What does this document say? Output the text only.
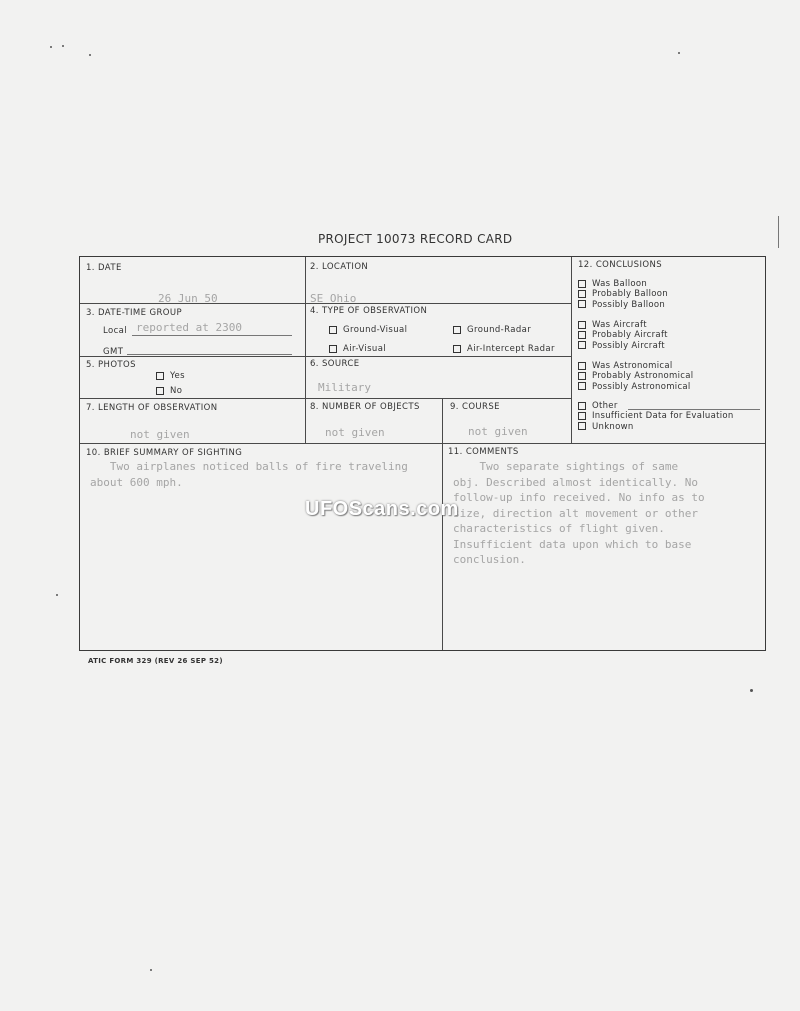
PROJECT 10073 RECORD CARD
1. DATE
26 Jun 50
2. LOCATION
SE Ohio
3. DATE-TIME GROUP
Local reported at 2300
GMT
4. TYPE OF OBSERVATION
Ground-Visual	Ground-Radar
Air-Visual	Air-Intercept Radar
5. PHOTOS
Yes
No
6. SOURCE
Military
7. LENGTH OF OBSERVATION
not given
8. NUMBER OF OBJECTS
not given
9. COURSE
not given
10. BRIEF SUMMARY OF SIGHTING
Two airplanes noticed balls of fire traveling
about 600 mph.
11. COMMENTS
Two separate sightings of same
obj. Described almost identically. No
follow-up info received. No info as to
size, direction alt movement or other
characteristics of flight given.
Insufficient data upon which to base
conclusion.
12. CONCLUSIONS
Was Balloon
Probably Balloon
Possibly Balloon
Was Aircraft
Probably Aircraft
Possibly Aircraft
Was Astronomical
Probably Astronomical
Possibly Astronomical
Other
Insufficient Data for Evaluation
Unknown
ATIC FORM 329 (REV 26 SEP 52)
UFOScans.com
